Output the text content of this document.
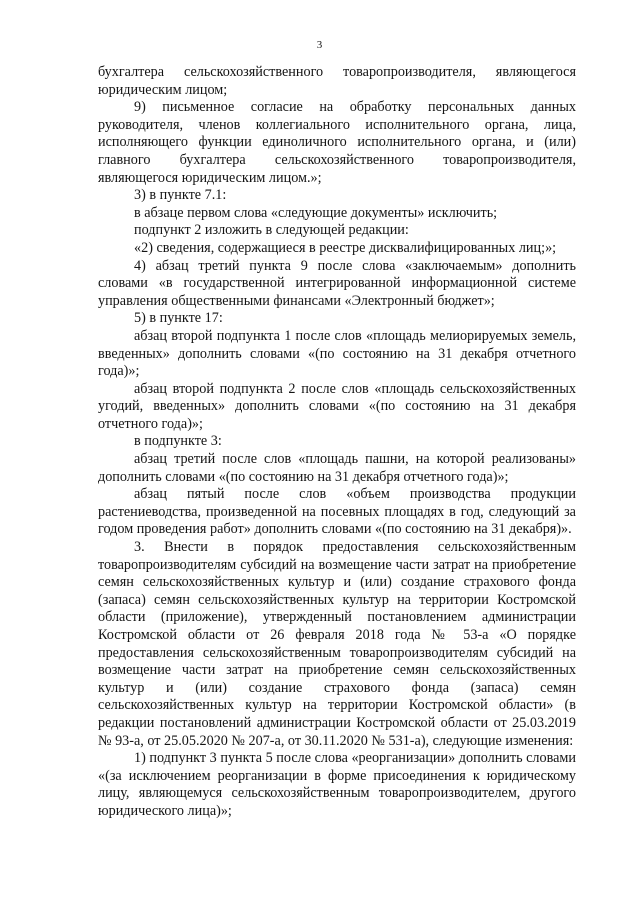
3

бухгалтера сельскохозяйственного товаропроизводителя, являющегося юридическим лицом;

9) письменное согласие на обработку персональных данных руководителя, членов коллегиального исполнительного органа, лица, исполняющего функции единоличного исполнительного органа, и (или) главного бухгалтера сельскохозяйственного товаропроизводителя, являющегося юридическим лицом.»;

3) в пункте 7.1:

в абзаце первом слова «следующие документы» исключить;

подпункт 2 изложить в следующей редакции:

«2) сведения, содержащиеся в реестре дисквалифицированных лиц;»;

4) абзац третий пункта 9 после слова «заключаемым» дополнить словами «в государственной интегрированной информационной системе управления общественными финансами «Электронный бюджет»;

5) в пункте 17:

абзац второй подпункта 1 после слов «площадь мелиорируемых земель, введенных» дополнить словами «(по состоянию на 31 декабря отчетного года)»;

абзац второй подпункта 2 после слов «площадь сельскохозяйственных угодий, введенных» дополнить словами «(по состоянию на 31 декабря отчетного года)»;

в подпункте 3:

абзац третий после слов «площадь пашни, на которой реализованы» дополнить словами «(по состоянию на 31 декабря отчетного года)»;

абзац пятый после слов «объем производства продукции растениеводства, произведенной на посевных площадях в год, следующий за годом проведения работ» дополнить словами «(по состоянию на 31 декабря)».

3. Внести в порядок предоставления сельскохозяйственным товаропроизводителям субсидий на возмещение части затрат на приобретение семян сельскохозяйственных культур и (или) создание страхового фонда (запаса) семян сельскохозяйственных культур на территории Костромской области (приложение), утвержденный постановлением администрации Костромской области от 26 февраля 2018 года № 53-а «О порядке предоставления сельскохозяйственным товаропроизводителям субсидий на возмещение части затрат на приобретение семян сельскохозяйственных культур и (или) создание страхового фонда (запаса) семян сельскохозяйственных культур на территории Костромской области» (в редакции постановлений администрации Костромской области от 25.03.2019 № 93-а, от 25.05.2020 № 207-а, от 30.11.2020 № 531-а), следующие изменения:

1) подпункт 3 пункта 5 после слова «реорганизации» дополнить словами «(за исключением реорганизации в форме присоединения к юридическому лицу, являющемуся сельскохозяйственным товаропроизводителем, другого юридического лица)»;
